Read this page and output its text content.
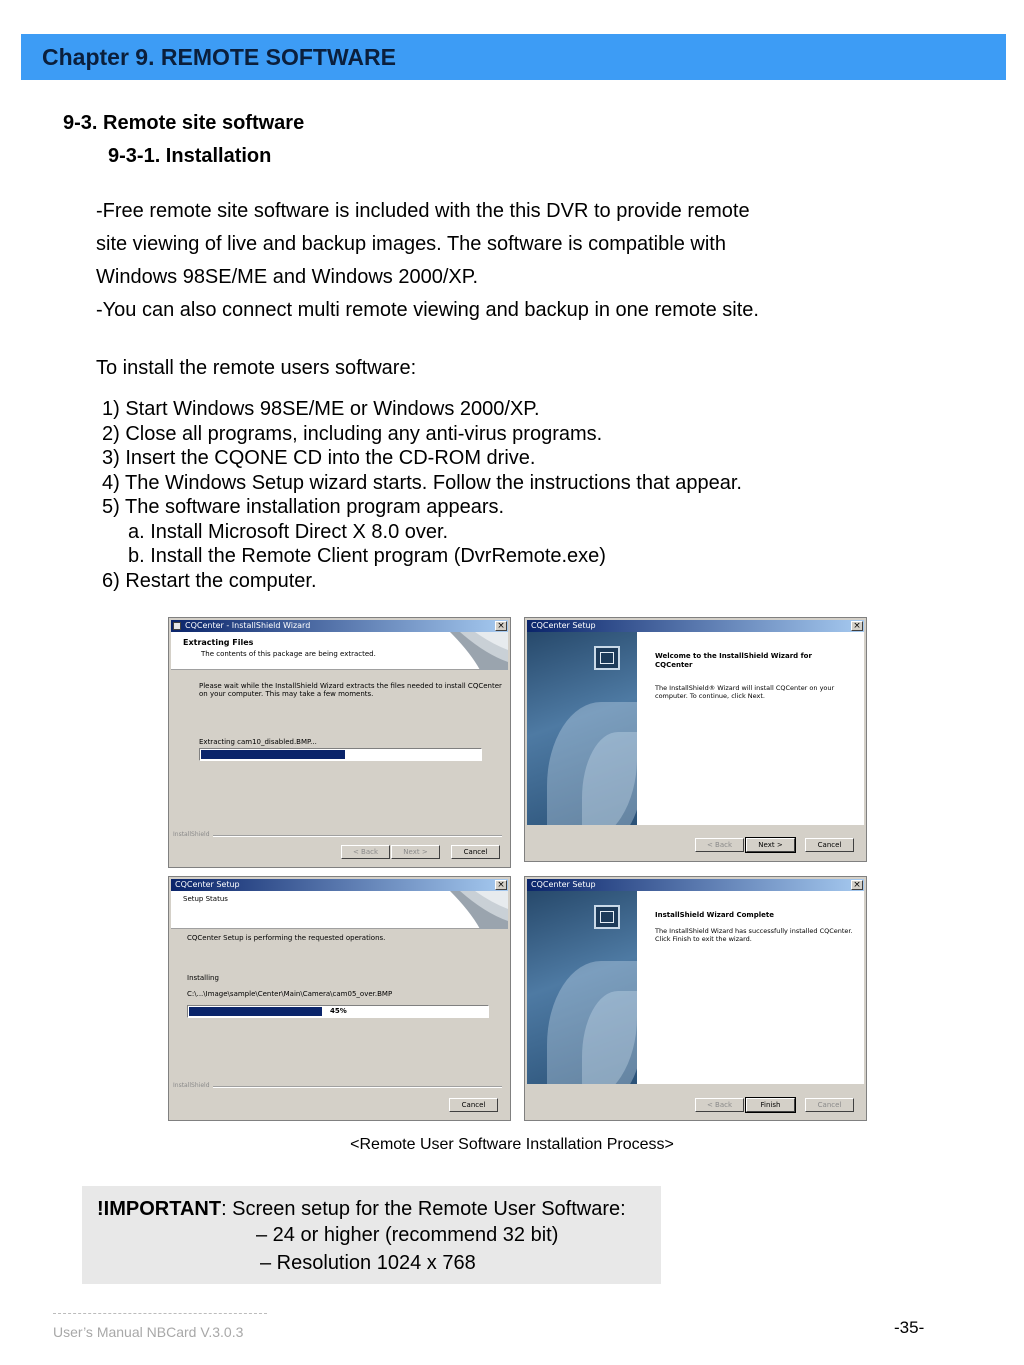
Chapter 9. REMOTE SOFTWARE
9-3. Remote site software
9-3-1. Installation
-Free remote site software is included with the this DVR to provide remote
site viewing of live and backup images. The software is compatible with
Windows 98SE/ME and Windows 2000/XP.
-You can also connect multi remote viewing and backup in one remote site.
To install the remote users software:
1) Start Windows 98SE/ME or Windows 2000/XP.
2) Close all programs, including any anti-virus programs.
3) Insert the CQONE CD into the CD-ROM drive.
4) The Windows Setup wizard starts. Follow the instructions that appear.
5) The software installation program appears.
a. Install Microsoft Direct X 8.0 over.
b. Install the Remote Client program (DvrRemote.exe)
6) Restart the computer.
CQCenter - InstallShield Wizard	×
Extracting Files
The contents of this package are being extracted.
Please wait while the InstallShield Wizard extracts the files needed to install CQCenter
on your computer. This may take a few moments.
Extracting cam10_disabled.BMP...
InstallShield
< Back	Next >	Cancel
CQCenter Setup	×
Welcome to the InstallShield Wizard for
CQCenter
The InstallShield® Wizard will install CQCenter on your
computer. To continue, click Next.
< Back	Next >	Cancel
CQCenter Setup	×
Setup Status
CQCenter Setup is performing the requested operations.
Installing
C:\...\Image\sample\Center\Main\Camera\cam05_over.BMP
45%
InstallShield
Cancel
CQCenter Setup	×
InstallShield Wizard Complete
The InstallShield Wizard has successfully installed CQCenter.
Click Finish to exit the wizard.
< Back	Finish	Cancel
<Remote User Software Installation Process>
!IMPORTANT: Screen setup for the Remote User Software:
– 24 or higher (recommend 32 bit)
– Resolution 1024 x 768
User’s Manual NBCard V.3.0.3	-35-
